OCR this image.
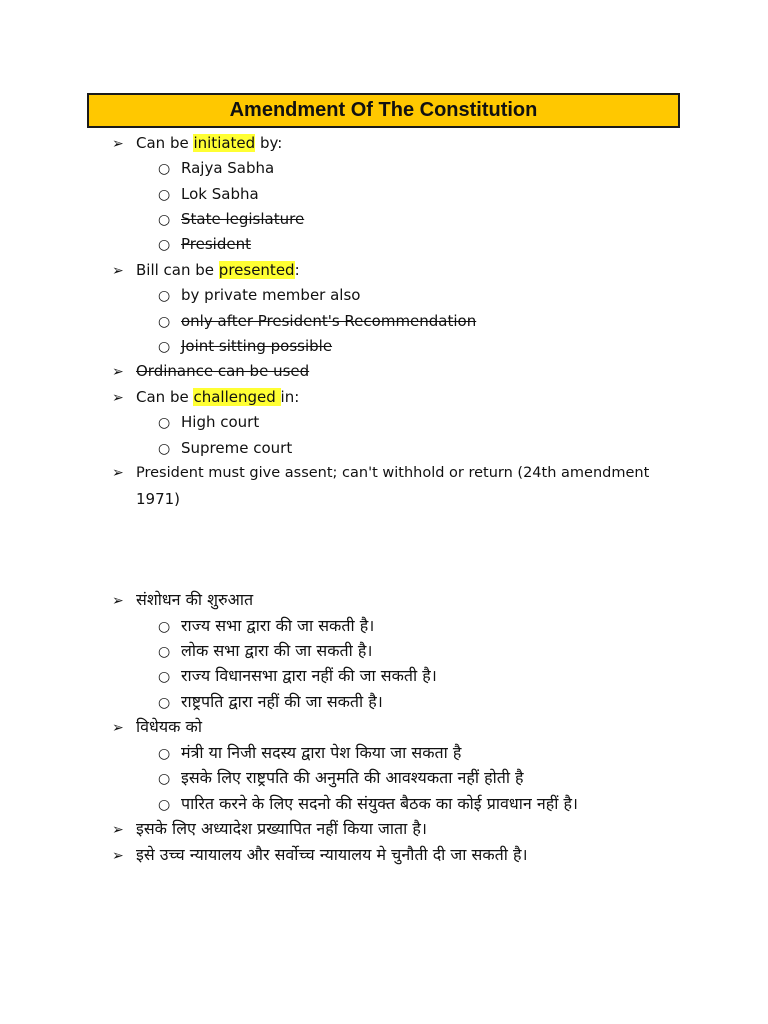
Amendment Of The Constitution
➢ Can be initiated by:
○ Rajya Sabha
○ Lok Sabha
○ State legislature
○ President
➢ Bill can be presented:
○ by private member also
○ only after President's Recommendation
○ Joint sitting possible
➢ Ordinance can be used
➢ Can be challenged in:
○ High court
○ Supreme court
➢ President must give assent; can't withhold or return (24th amendment
1971)
➢ संशोधन की शुरुआत
○ राज्य सभा द्वारा की जा सकती है।
○ लोक सभा द्वारा की जा सकती है।
○ राज्य विधानसभा द्वारा नहीं की जा सकती है।
○ राष्ट्रपति द्वारा नहीं की जा सकती है।
➢ विधेयक को
○ मंत्री या निजी सदस्य द्वारा पेश किया जा सकता है
○ इसके लिए राष्ट्रपति की अनुमति की आवश्यकता नहीं होती है
○ पारित करने के लिए सदनो की संयुक्त बैठक का कोई प्रावधान नहीं है।
➢ इसके लिए अध्यादेश प्रख्यापित नहीं किया जाता है।
➢ इसे उच्च न्यायालय और सर्वोच्च न्यायालय मे चुनौती दी जा सकती है।
